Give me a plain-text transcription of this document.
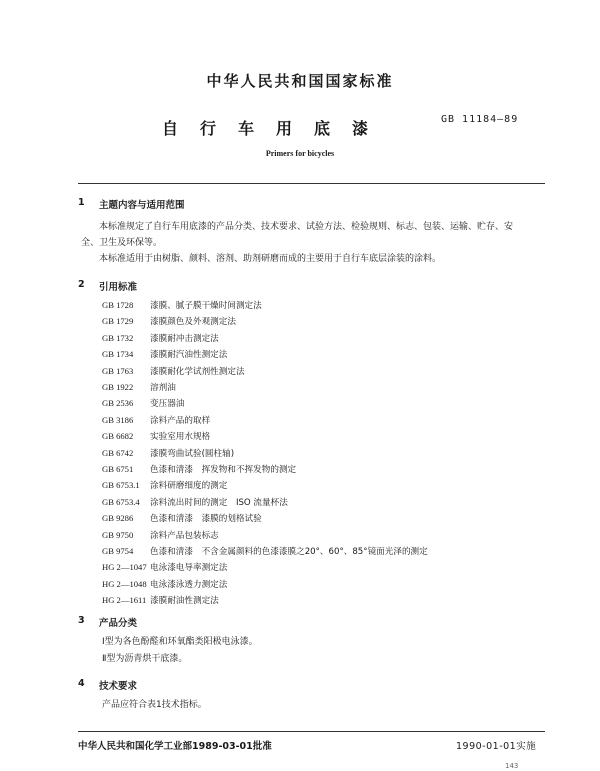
中华人民共和国国家标准
自行车用底漆	GB 11184—89
Primers for bicycles
1 主题内容与适用范围
本标准规定了自行车用底漆的产品分类、技术要求、试验方法、检验规则、标志、包装、运输、贮存、安
全、卫生及环保等。
本标准适用于由树脂、颜料、溶剂、助剂研磨而成的主要用于自行车底层涂装的涂料。
2 引用标准
GB 1728 漆膜、腻子膜干燥时间测定法
GB 1729 漆膜颜色及外观测定法
GB 1732 漆膜耐冲击测定法
GB 1734 漆膜耐汽油性测定法
GB 1763 漆膜耐化学试剂性测定法
GB 1922 溶剂油
GB 2536 变压器油
GB 3186 涂料产品的取样
GB 6682 实验室用水规格
GB 6742 漆膜弯曲试验(圆柱轴)
GB 6751 色漆和清漆　挥发物和不挥发物的测定
GB 6753.1 涂料研磨细度的测定
GB 6753.4 涂料流出时间的测定　ISO 流量杯法
GB 9286 色漆和清漆　漆膜的划格试验
GB 9750 涂料产品包装标志
GB 9754 色漆和清漆　不含金属颜料的色漆漆膜之20°、60°、85°镜面光泽的测定
HG 2—1047 电泳漆电导率测定法
HG 2—1048 电泳漆泳透力测定法
HG 2—1611 漆膜耐油性测定法
3 产品分类
Ⅰ型为各色酚醛和环氧酯类阳极电泳漆。
Ⅱ型为沥青烘干底漆。
4 技术要求
产品应符合表1技术指标。
中华人民共和国化学工业部1989-03-01批准	1990-01-01实施
143
